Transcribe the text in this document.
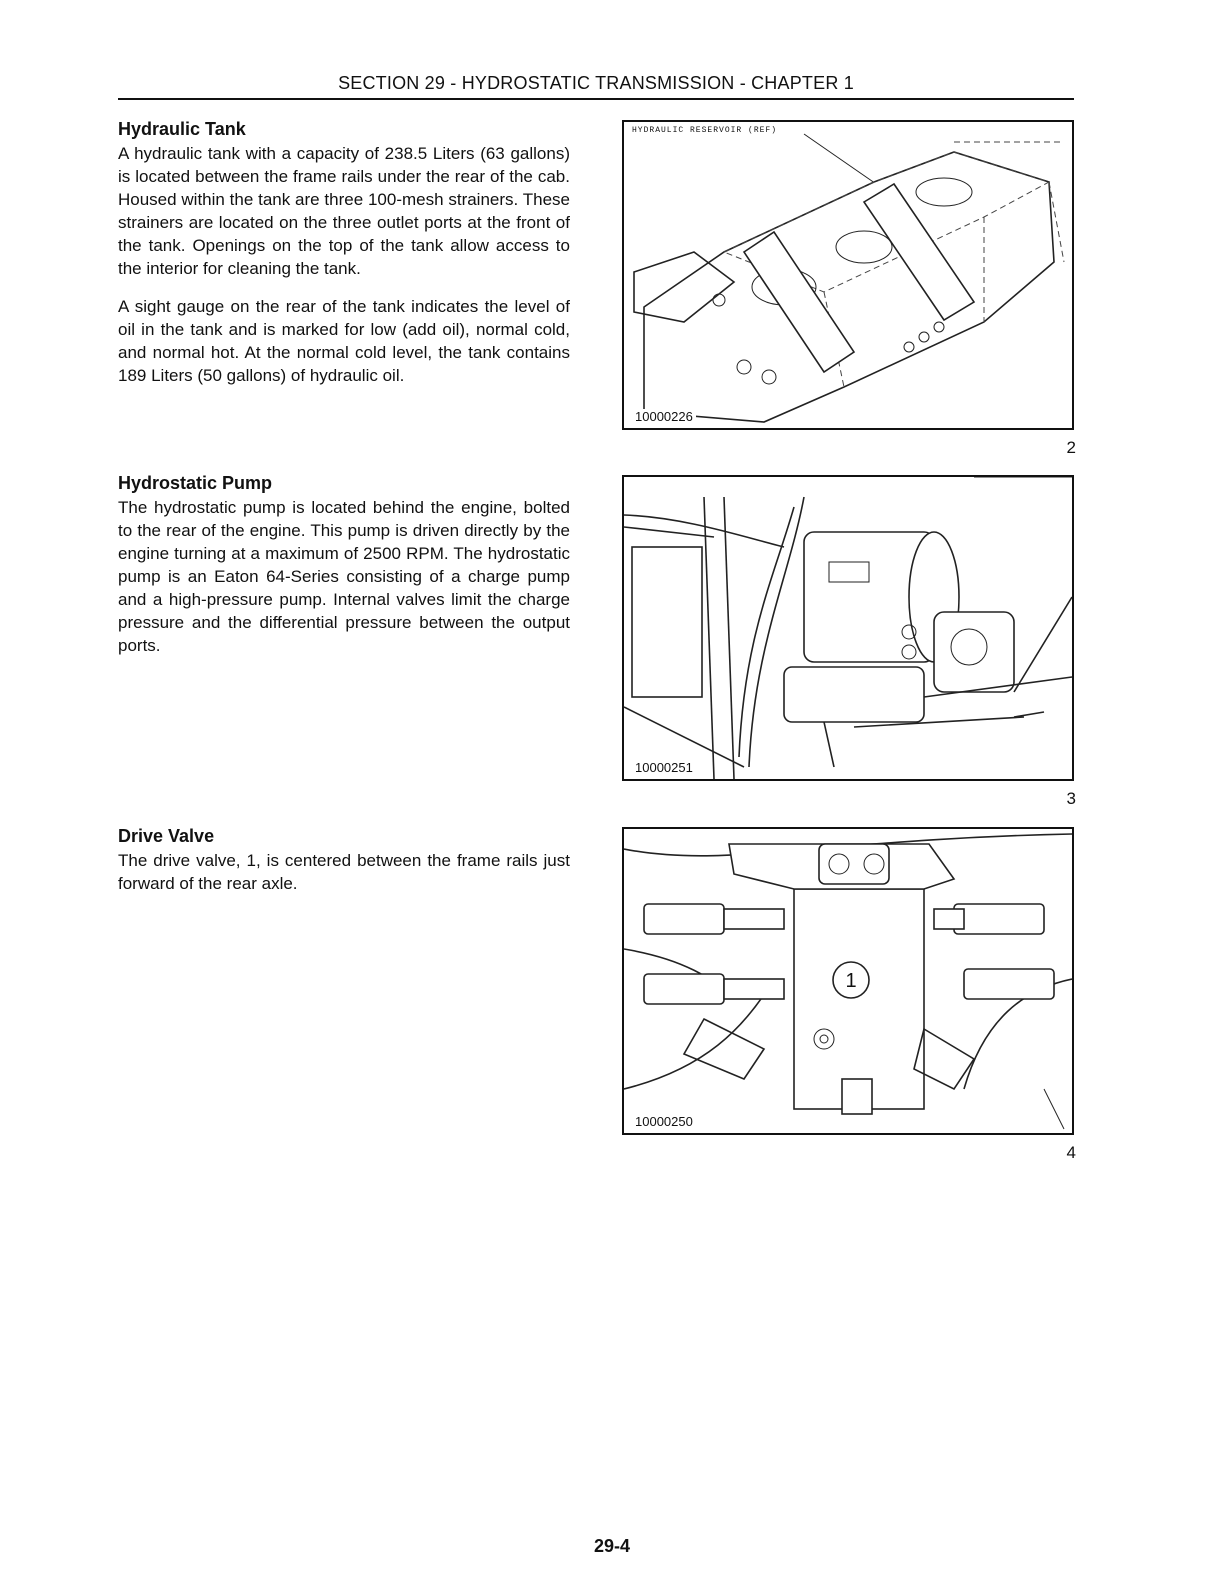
SECTION 29 - HYDROSTATIC TRANSMISSION - CHAPTER 1
Hydraulic Tank

A hydraulic tank with a capacity of 238.5 Liters (63 gallons) is located between the frame rails under the rear of the cab. Housed within the tank are three 100-mesh strainers. These strainers are located on the three outlet ports at the front of the tank. Openings on the top of the tank allow access to the interior for cleaning the tank.

A sight gauge on the rear of the tank indicates the level of oil in the tank and is marked for low (add oil), normal cold, and normal hot. At the normal cold level, the tank contains 189 Liters (50 gallons) of hydraulic oil.

Hydrostatic Pump

The hydrostatic pump is located behind the engine, bolted to the rear of the engine. This pump is driven directly by the engine turning at a maximum of 2500 RPM. The hydrostatic pump is an Eaton 64-Series consisting of a charge pump and a high-pressure pump. Internal valves limit the charge pressure and the differential pressure between the output ports.

Drive Valve

The drive valve, 1, is centered between the frame rails just forward of the rear axle.

HYDRAULIC RESERVOIR (REF)
10000226
2
10000251
3
1
10000250
4
29-4
